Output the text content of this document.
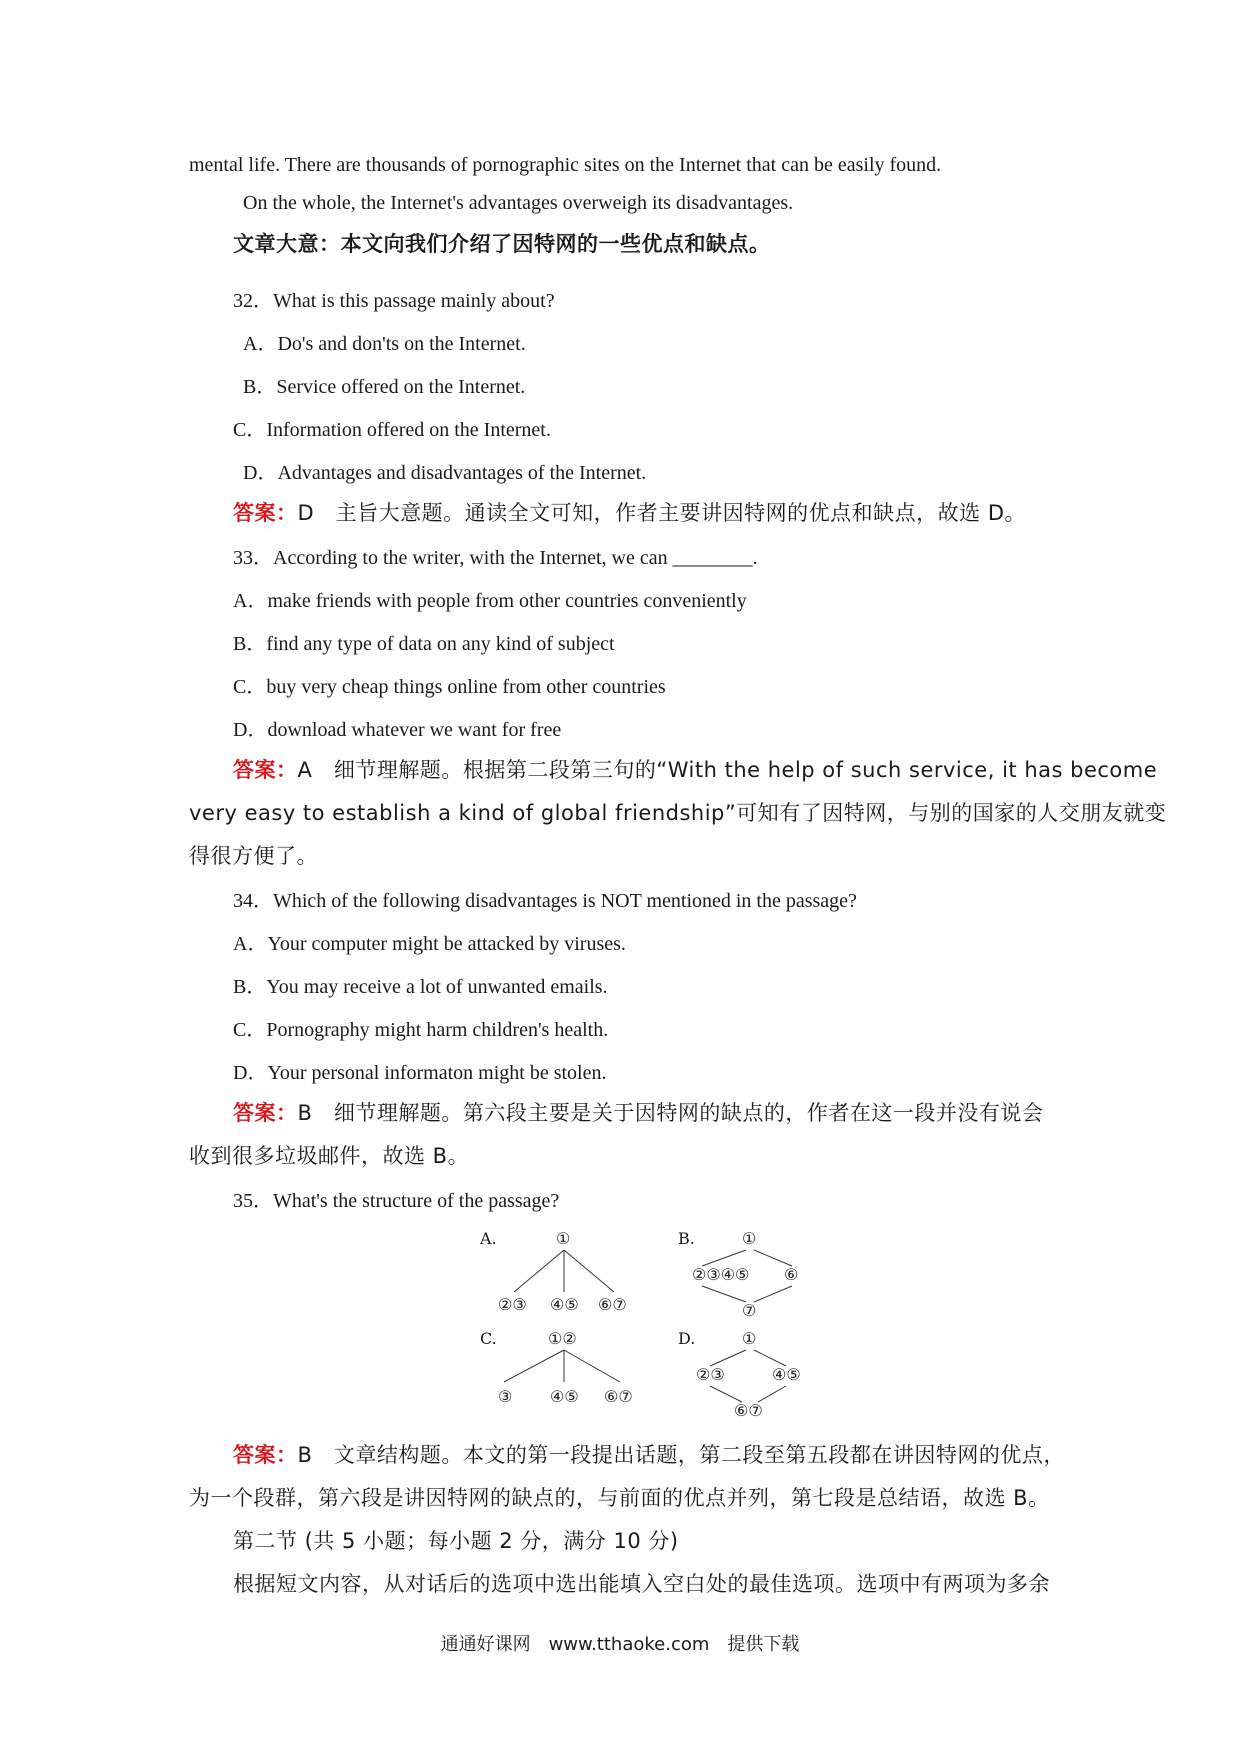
mental life. There are thousands of pornographic sites on the Internet that can be easily found.
On the whole, the Internet's advantages overweigh its disadvantages.
文章大意：本文向我们介绍了因特网的一些优点和缺点。
32．What is this passage mainly about?
A．Do's and don'ts on the Internet.
B．Service offered on the Internet.
C．Information offered on the Internet.
D．Advantages and disadvantages of the Internet.
答案：D　主旨大意题。通读全文可知，作者主要讲因特网的优点和缺点，故选 D。
33．According to the writer, with the Internet, we can ________.
A．make friends with people from other countries conveniently
B．find any type of data on any kind of subject
C．buy very cheap things online from other countries
D．download whatever we want for free
答案：A　细节理解题。根据第二段第三句的“With the help of such service, it has become
very easy to establish a kind of global friendship”可知有了因特网，与别的国家的人交朋友就变
得很方便了。
34．Which of the following disadvantages is NOT mentioned in the passage?
A．Your computer might be attacked by viruses.
B．You may receive a lot of unwanted emails.
C．Pornography might harm children's health.
D．Your personal informaton might be stolen.
答案：B　细节理解题。第六段主要是关于因特网的缺点的，作者在这一段并没有说会
收到很多垃圾邮件，故选 B。
35．What's the structure of the passage?
A.	①
②③ ④⑤ ⑥⑦
B.	①
②③④⑤ ⑥
⑦
C.	①②
③ ④⑤ ⑥⑦
D.	①
②③	④⑤
⑥⑦
答案：B　文章结构题。本文的第一段提出话题，第二段至第五段都在讲因特网的优点，
为一个段群，第六段是讲因特网的缺点的，与前面的优点并列，第七段是总结语，故选 B。
第二节 (共 5 小题；每小题 2 分，满分 10 分)
根据短文内容，从对话后的选项中选出能填入空白处的最佳选项。选项中有两项为多余
通通好课网　www.tthaoke.com　提供下载
